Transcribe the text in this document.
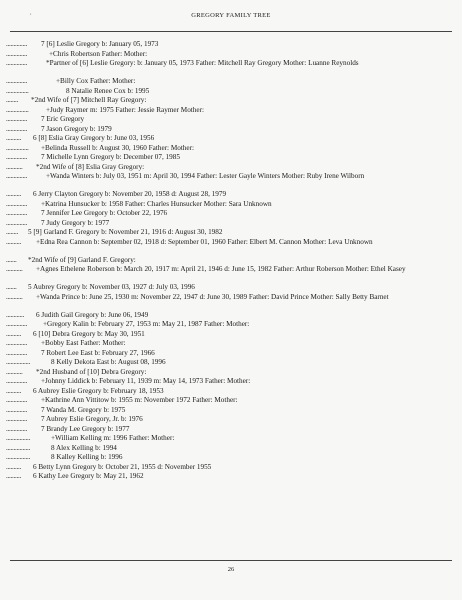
,	GREGORY FAMILY TREE
.............. 7 [6] Leslie Gregory b: January 05, 1973
..............	+Chris Robertson Father: Mother:
..............	*Partner of [6] Leslie Gregory: b: January 05, 1973 Father: Mitchell Ray Gregory Mother: Luanne Reynolds
..............	+Billy Cox Father: Mother:
...............	8 Natalie Renee Cox b: 1995
........ *2nd Wife of [7] Mitchell Ray Gregory:
............... +Judy Raymer m: 1975 Father: Jessie Raymer Mother:
.............. 7 Eric Gregory
.............. 7 Jason Gregory b: 1979
.......... 6 [8] Eslia Gray Gregory b: June 03, 1956
............... +Belinda Russell b: August 30, 1960 Father: Mother:
.............. 7 Michelle Lynn Gregory b: December 07, 1985
........... *2nd Wife of [8] Eslia Gray Gregory:
..............	+Wanda Winters b: July 03, 1951 m: April 30, 1994 Father: Lester Gayle Winters Mother: Ruby Irene Wilborn
.......... 6 Jerry Clayton Gregory b: November 20, 1958 d: August 28, 1979
.............. +Katrina Hunsucker b: 1958 Father: Charles Hunsucker Mother: Sara Unknown
.............. 7 Jennifer Lee Gregory b: October 22, 1976
.............. 7 Judy Gregory b: 1977
........ 5 [9] Garland F. Gregory b: November 21, 1916 d: August 30, 1982
.......... +Edna Rea Cannon b: September 02, 1918 d: September 01, 1960 Father: Elbert M. Cannon Mother: Leva Unknown
....... *2nd Wife of [9] Garland F. Gregory:
........... +Agnes Ethelene Roberson b: March 20, 1917 m: April 21, 1946 d: June 15, 1982 Father: Arthur Roberson Mother: Ethel Kasey
....... 5 Aubrey Gregory b: November 03, 1927 d: July 03, 1996
........... +Wanda Prince b: June 25, 1930 m: November 22, 1947 d: June 30, 1989 Father: David Prince Mother: Sally Betty Barnet
............ 6 Judith Gail Gregory b: June 06, 1949
.............. +Gregory Kalin b: February 27, 1953 m: May 21, 1987 Father: Mother:
.......... 6 [10] Debra Gregory b: May 30, 1951
.............. +Bobby East Father: Mother:
.............. 7 Robert Lee East b: February 27, 1966
................	8 Kelly Dekota East b: August 08, 1996
........... *2nd Husband of [10] Debra Gregory:
.............. +Johnny Liddick b: February 11, 1939 m: May 14, 1973 Father: Mother:
.......... 6 Aubrey Eslie Gregory b: February 18, 1953
.............. +Kathrine Ann Vittitow b: 1955 m: November 1972 Father: Mother:
.............. 7 Wanda M. Gregory b: 1975
.............. 7 Aubrey Eslie Gregory, Jr. b: 1976
.............. 7 Brandy Lee Gregory b: 1977
................	+William Kelling m: 1996 Father: Mother:
................	8 Alex Kelling b: 1994
................	8 Kalley Kelling b: 1996
.......... 6 Betty Lynn Gregory b: October 21, 1955 d: November 1955
.......... 6 Kathy Lee Gregory b: May 21, 1962
26
